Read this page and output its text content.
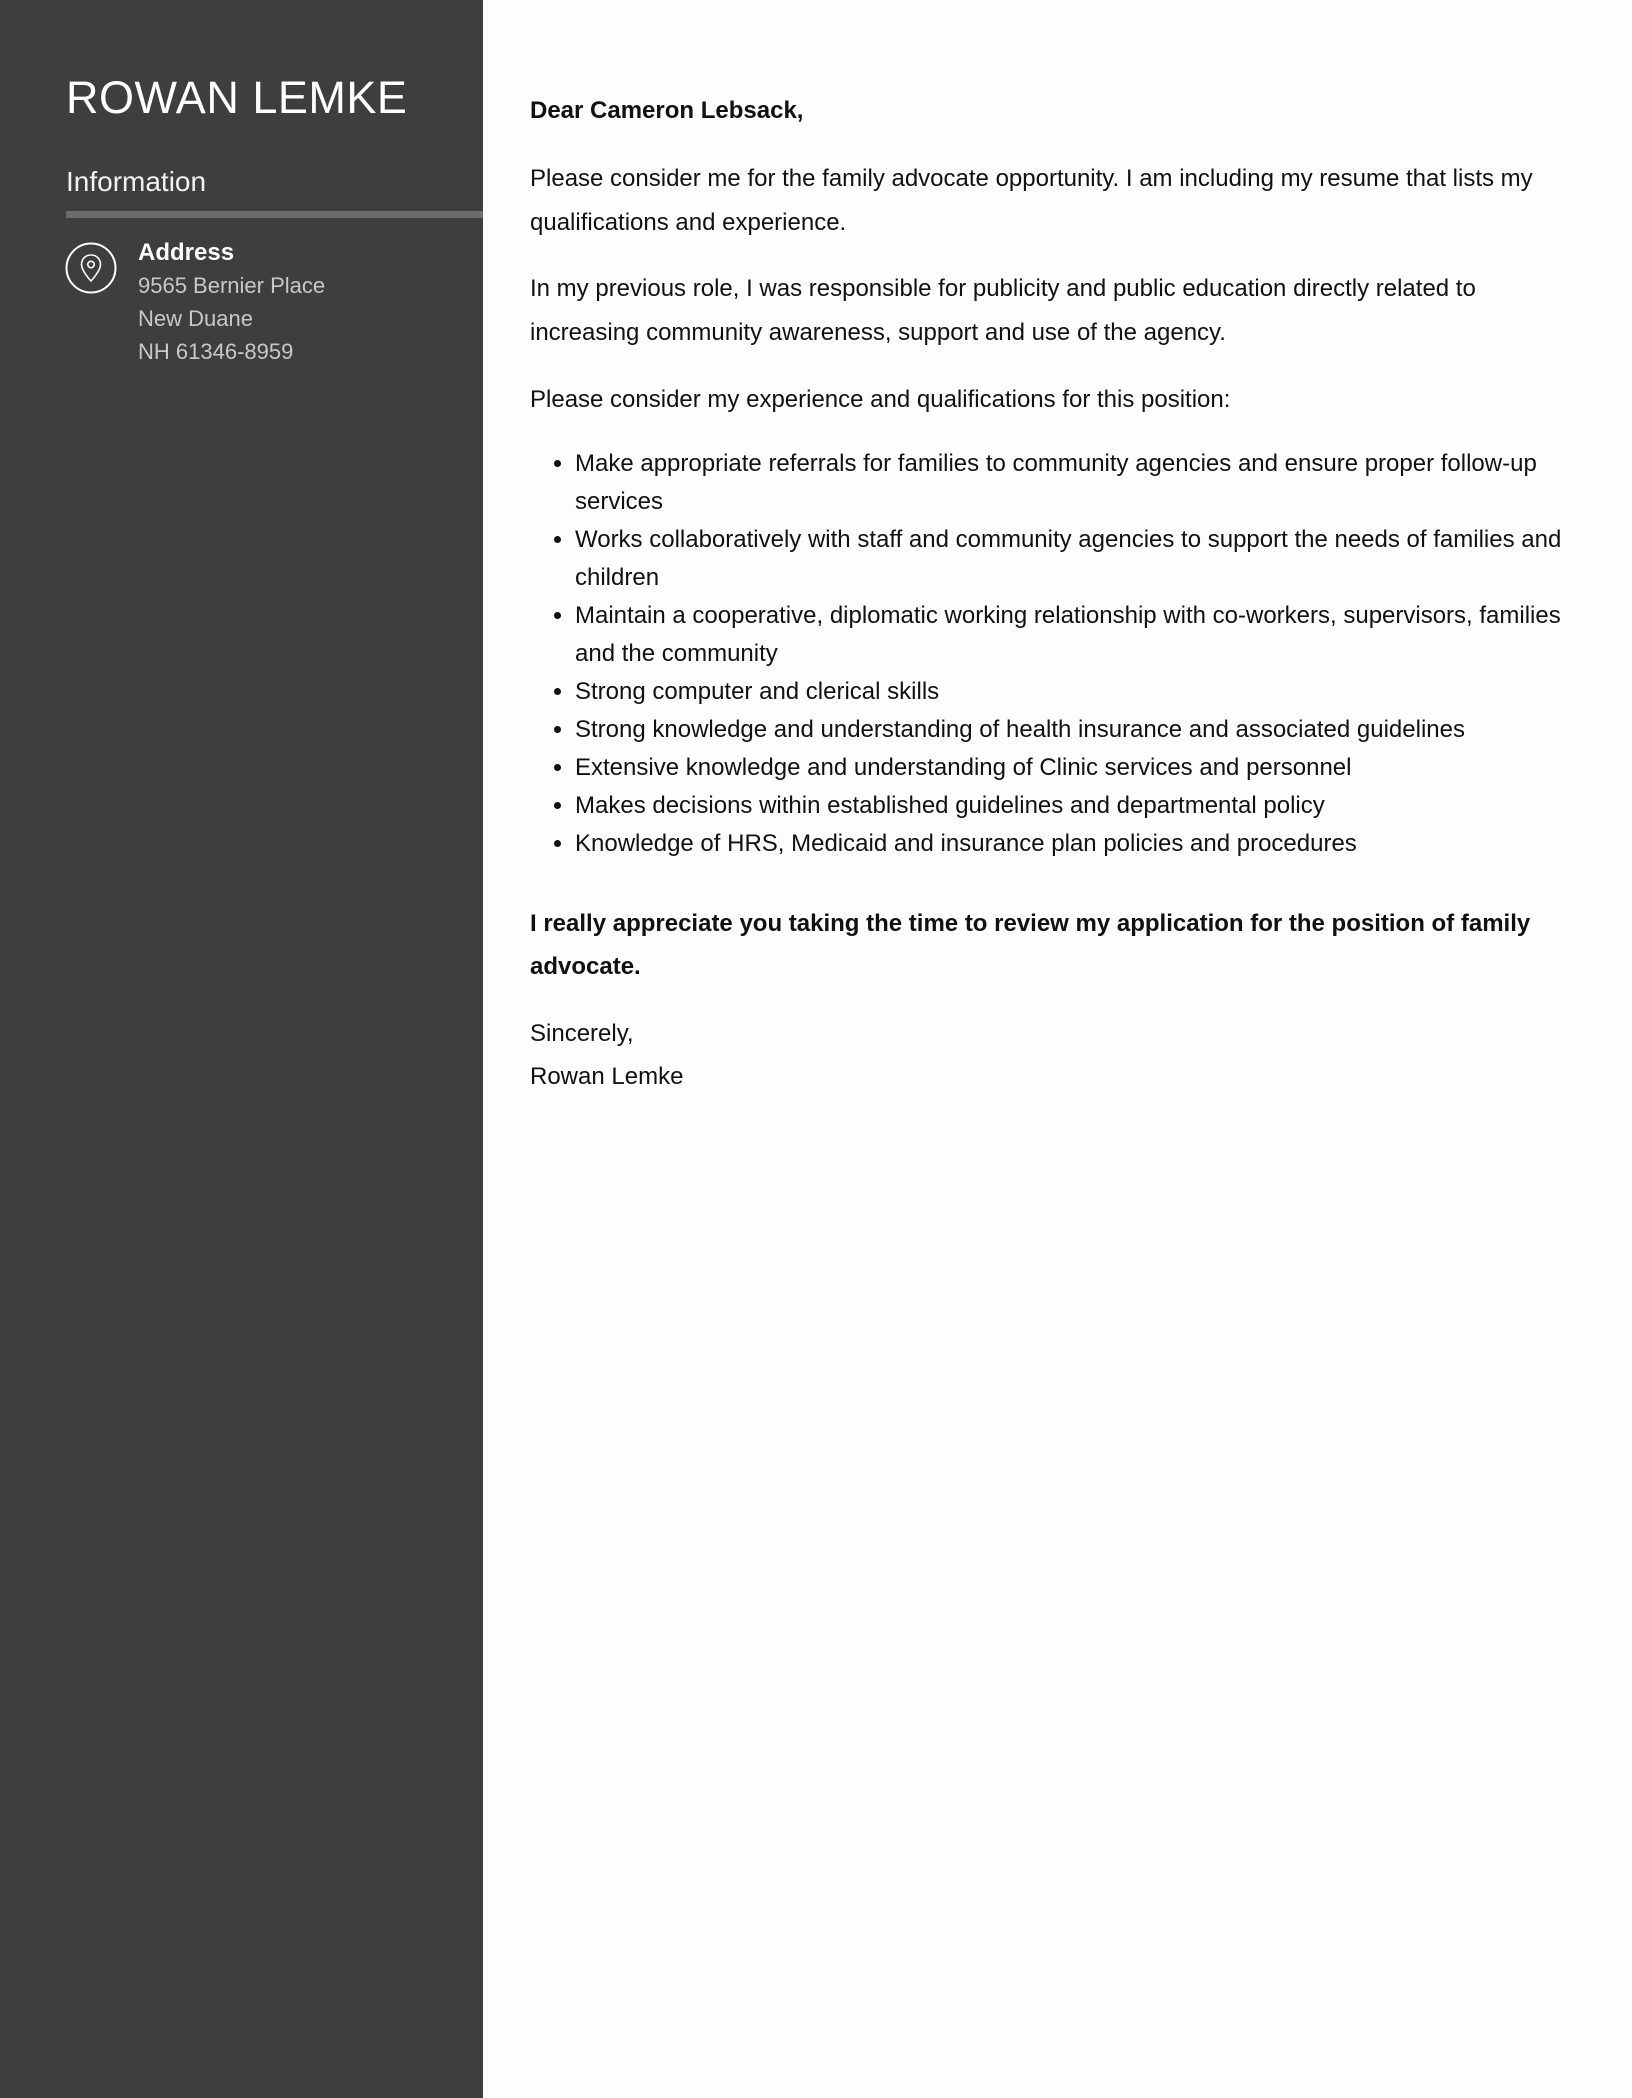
ROWAN LEMKE
Information
Address
9565 Bernier Place
New Duane
NH 61346-8959

Dear Cameron Lebsack,

Please consider me for the family advocate opportunity. I am including my resume that lists my qualifications and experience.

In my previous role, I was responsible for publicity and public education directly related to increasing community awareness, support and use of the agency.

Please consider my experience and qualifications for this position:

• Make appropriate referrals for families to community agencies and ensure proper follow-up services
• Works collaboratively with staff and community agencies to support the needs of families and children
• Maintain a cooperative, diplomatic working relationship with co-workers, supervisors, families and the community
• Strong computer and clerical skills
• Strong knowledge and understanding of health insurance and associated guidelines
• Extensive knowledge and understanding of Clinic services and personnel
• Makes decisions within established guidelines and departmental policy
• Knowledge of HRS, Medicaid and insurance plan policies and procedures

I really appreciate you taking the time to review my application for the position of family advocate.

Sincerely,
Rowan Lemke
